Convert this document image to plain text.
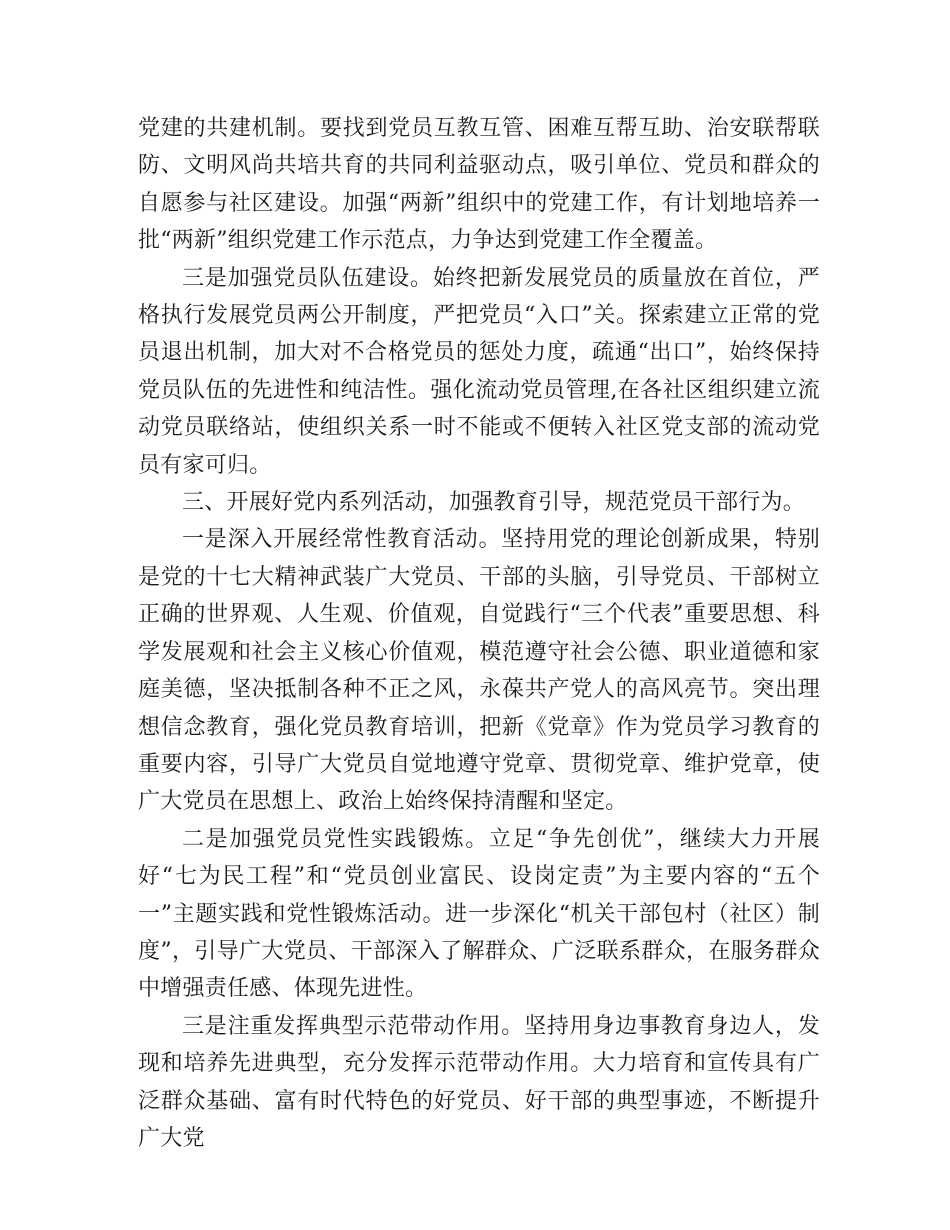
党建的共建机制。要找到党员互教互管、困难互帮互助、治安联帮联防、文明风尚共培共育的共同利益驱动点，吸引单位、党员和群众的自愿参与社区建设。加强“两新”组织中的党建工作，有计划地培养一批“两新”组织党建工作示范点，力争达到党建工作全覆盖。

三是加强党员队伍建设。始终把新发展党员的质量放在首位，严格执行发展党员两公开制度，严把党员“入口”关。探索建立正常的党员退出机制，加大对不合格党员的惩处力度，疏通“出口”，始终保持党员队伍的先进性和纯洁性。强化流动党员管理,在各社区组织建立流动党员联络站，使组织关系一时不能或不便转入社区党支部的流动党员有家可归。

三、开展好党内系列活动，加强教育引导，规范党员干部行为。

一是深入开展经常性教育活动。坚持用党的理论创新成果，特别是党的十七大精神武装广大党员、干部的头脑，引导党员、干部树立正确的世界观、人生观、价值观，自觉践行“三个代表”重要思想、科学发展观和社会主义核心价值观，模范遵守社会公德、职业道德和家庭美德，坚决抵制各种不正之风，永葆共产党人的高风亮节。突出理想信念教育，强化党员教育培训，把新《党章》作为党员学习教育的重要内容，引导广大党员自觉地遵守党章、贯彻党章、维护党章，使广大党员在思想上、政治上始终保持清醒和坚定。

二是加强党员党性实践锻炼。立足“争先创优”，继续大力开展好“七为民工程”和“党员创业富民、设岗定责”为主要内容的“五个一”主题实践和党性锻炼活动。进一步深化“机关干部包村（社区）制度”，引导广大党员、干部深入了解群众、广泛联系群众，在服务群众中增强责任感、体现先进性。

三是注重发挥典型示范带动作用。坚持用身边事教育身边人，发现和培养先进典型，充分发挥示范带动作用。大力培育和宣传具有广泛群众基础、富有时代特色的好党员、好干部的典型事迹，不断提升广大党
